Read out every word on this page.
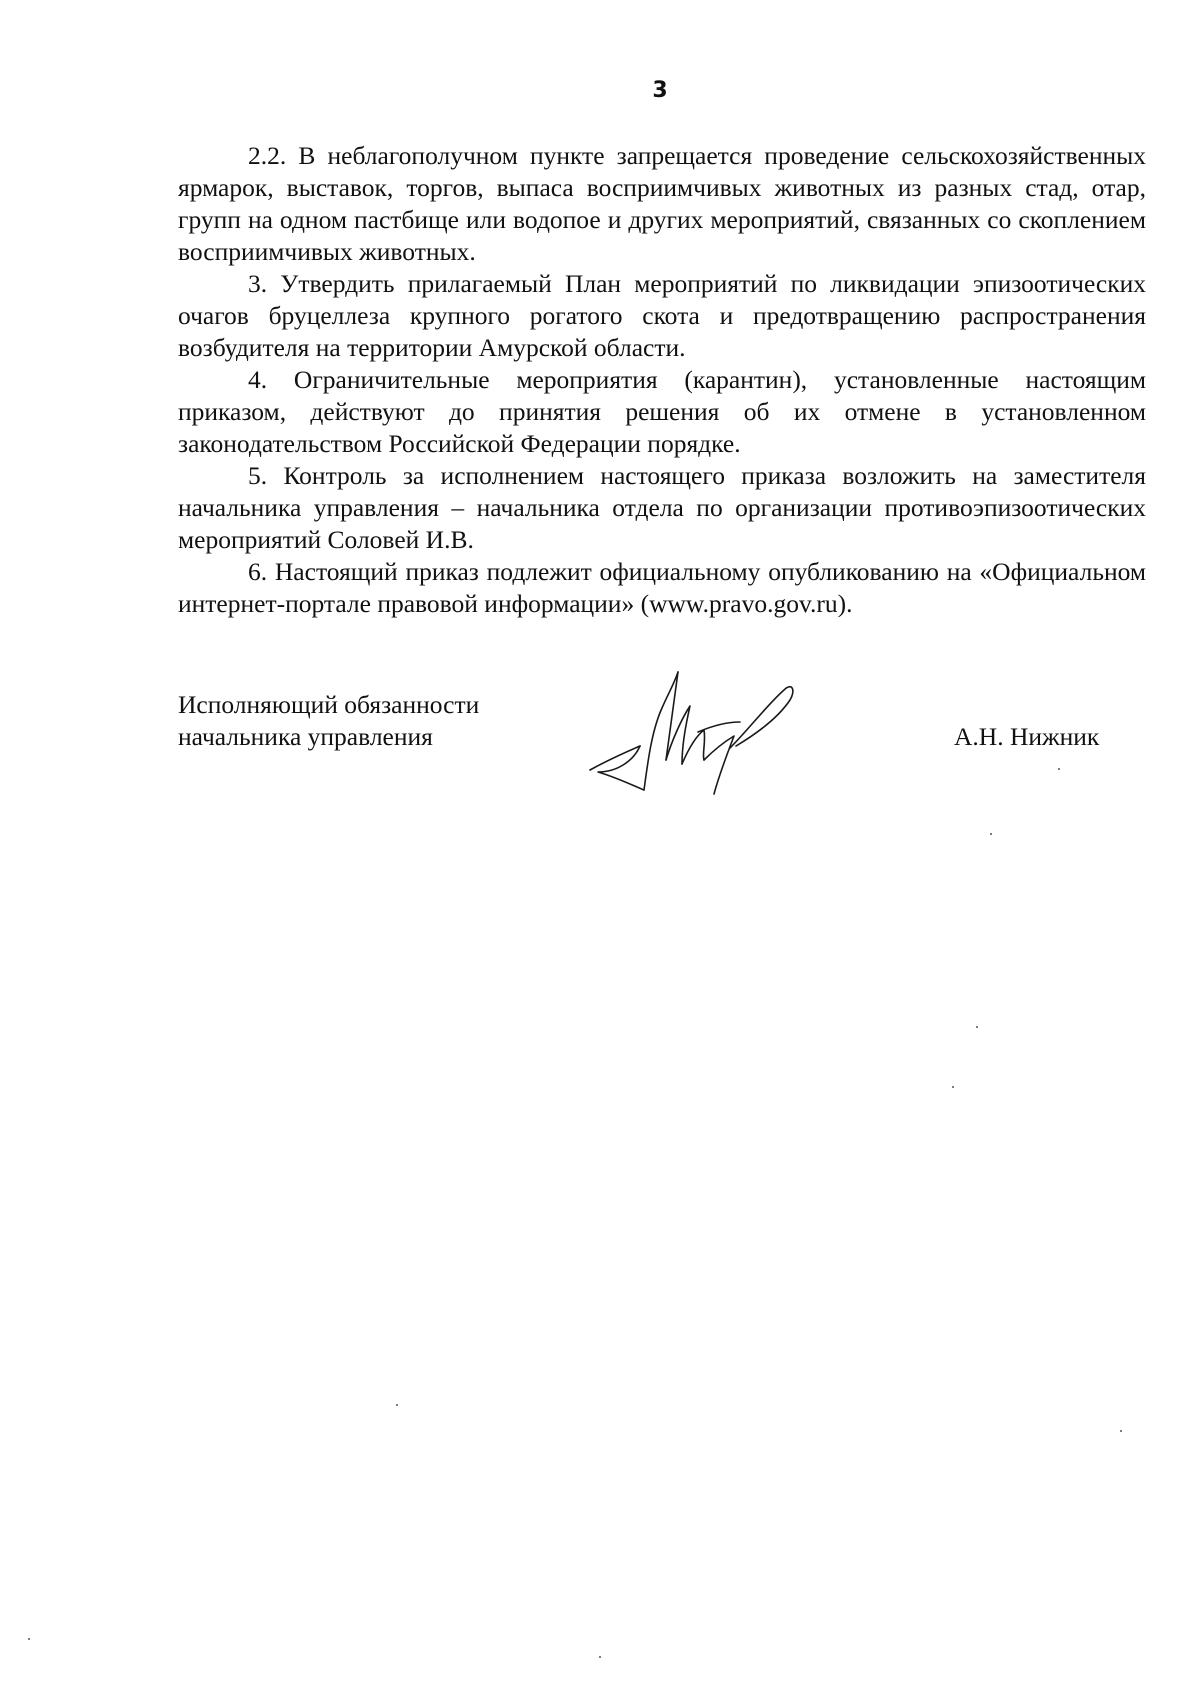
3

2.2. В неблагополучном пункте запрещается проведение сельскохозяйственных ярмарок, выставок, торгов, выпаса восприимчивых животных из разных стад, отар, групп на одном пастбище или водопое и других мероприятий, связанных со скоплением восприимчивых животных.

3. Утвердить прилагаемый План мероприятий по ликвидации эпизоотических очагов бруцеллеза крупного рогатого скота и предотвращению распространения возбудителя на территории Амурской области.

4. Ограничительные мероприятия (карантин), установленные настоящим приказом, действуют до принятия решения об их отмене в установленном законодательством Российской Федерации порядке.

5. Контроль за исполнением настоящего приказа возложить на заместителя начальника управления – начальника отдела по организации противоэпизоотических мероприятий Соловей И.В.

6. Настоящий приказ подлежит официальному опубликованию на «Официальном интернет-портале правовой информации» (www.pravo.gov.ru).

Исполняющий обязанности
начальника управления	А.Н. Нижник
